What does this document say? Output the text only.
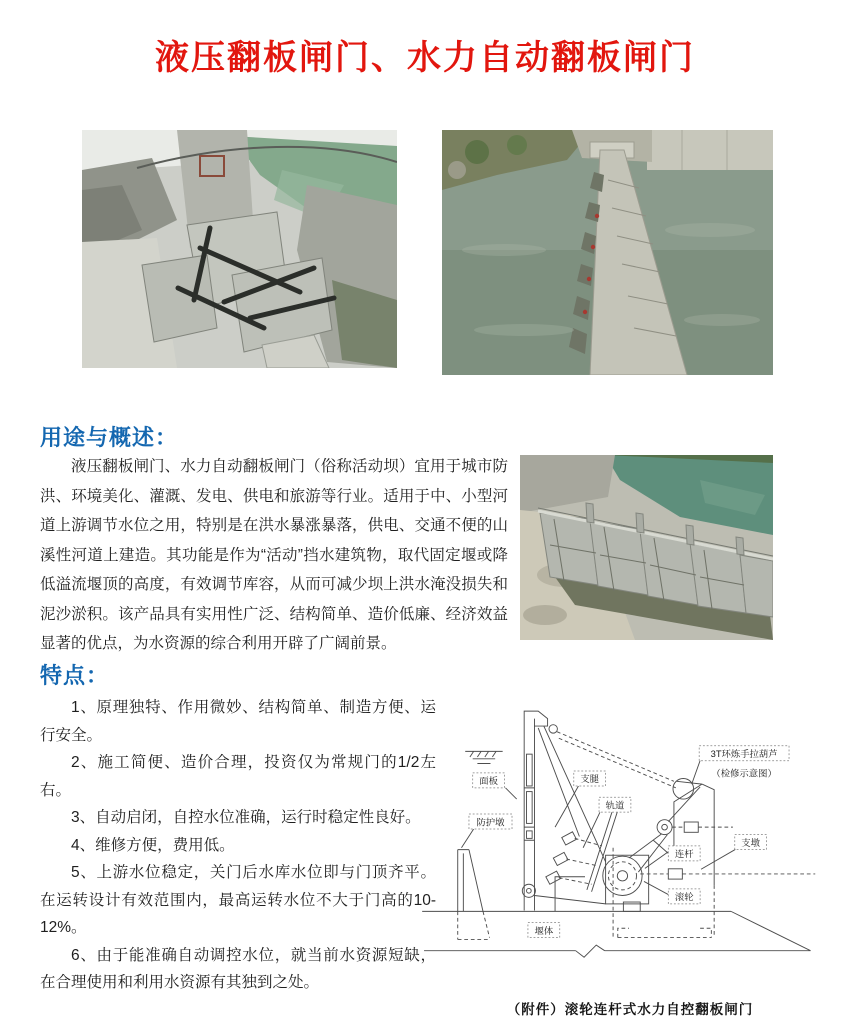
液压翻板闸门、水力自动翻板闸门
用途与概述：

液压翻板闸门、水力自动翻板闸门（俗称活动坝）宜用于城市防洪、环境美化、灌溉、发电、供电和旅游等行业。适用于中、小型河道上游调节水位之用，特别是在洪水暴涨暴落，供电、交通不便的山溪性河道上建造。其功能是作为“活动”挡水建筑物，取代固定堰或降低溢流堰顶的高度，有效调节库容，从而可减少坝上洪水淹没损失和泥沙淤积。该产品具有实用性广泛、结构简单、造价低廉、经济效益显著的优点，为水资源的综合利用开辟了广阔前景。

特点：

1、原理独特、作用微妙、结构简单、制造方便、运行安全。

2、施工简便、造价合理，投资仅为常规门的1/2左右。

3、自动启闭，自控水位准确，运行时稳定性良好。

4、维修方便，费用低。

5、上游水位稳定，关门后水库水位即与门顶齐平。在运转设计有效范围内，最高运转水位不大于门高的10-12%。

6、由于能准确自动调控水位，就当前水资源短缺，在合理使用和利用水资源有其独到之处。

面板
防护墩
支腿
轨道
连杆
滚轮
支墩
堰体
3T环炼手拉葫芦
（检修示意图）
（附件）滚轮连杆式水力自控翻板闸门
